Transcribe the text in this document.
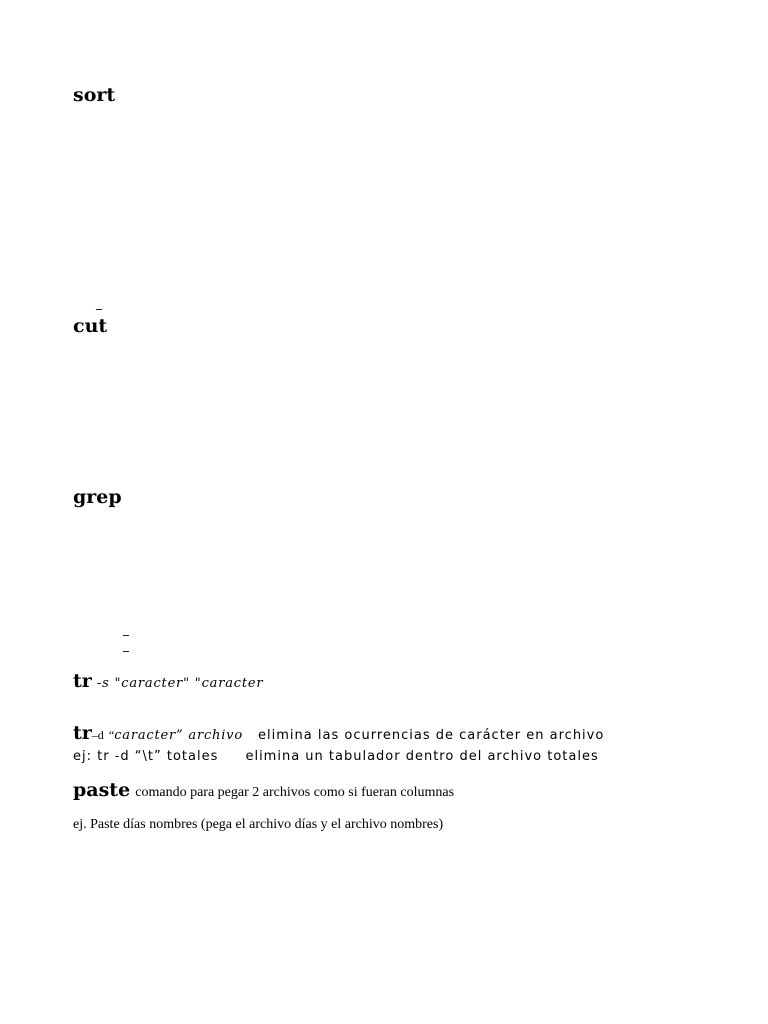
sort
_
cut
grep
_
_
tr -s "caracter" "caracter
tr–d “caracter” archivo elimina las ocurrencias de carácter en archivo
ej: tr -d “\t” totales elimina un tabulador dentro del archivo totales
paste comando para pegar 2 archivos como si fueran columnas
ej. Paste días nombres (pega el archivo días y el archivo nombres)
